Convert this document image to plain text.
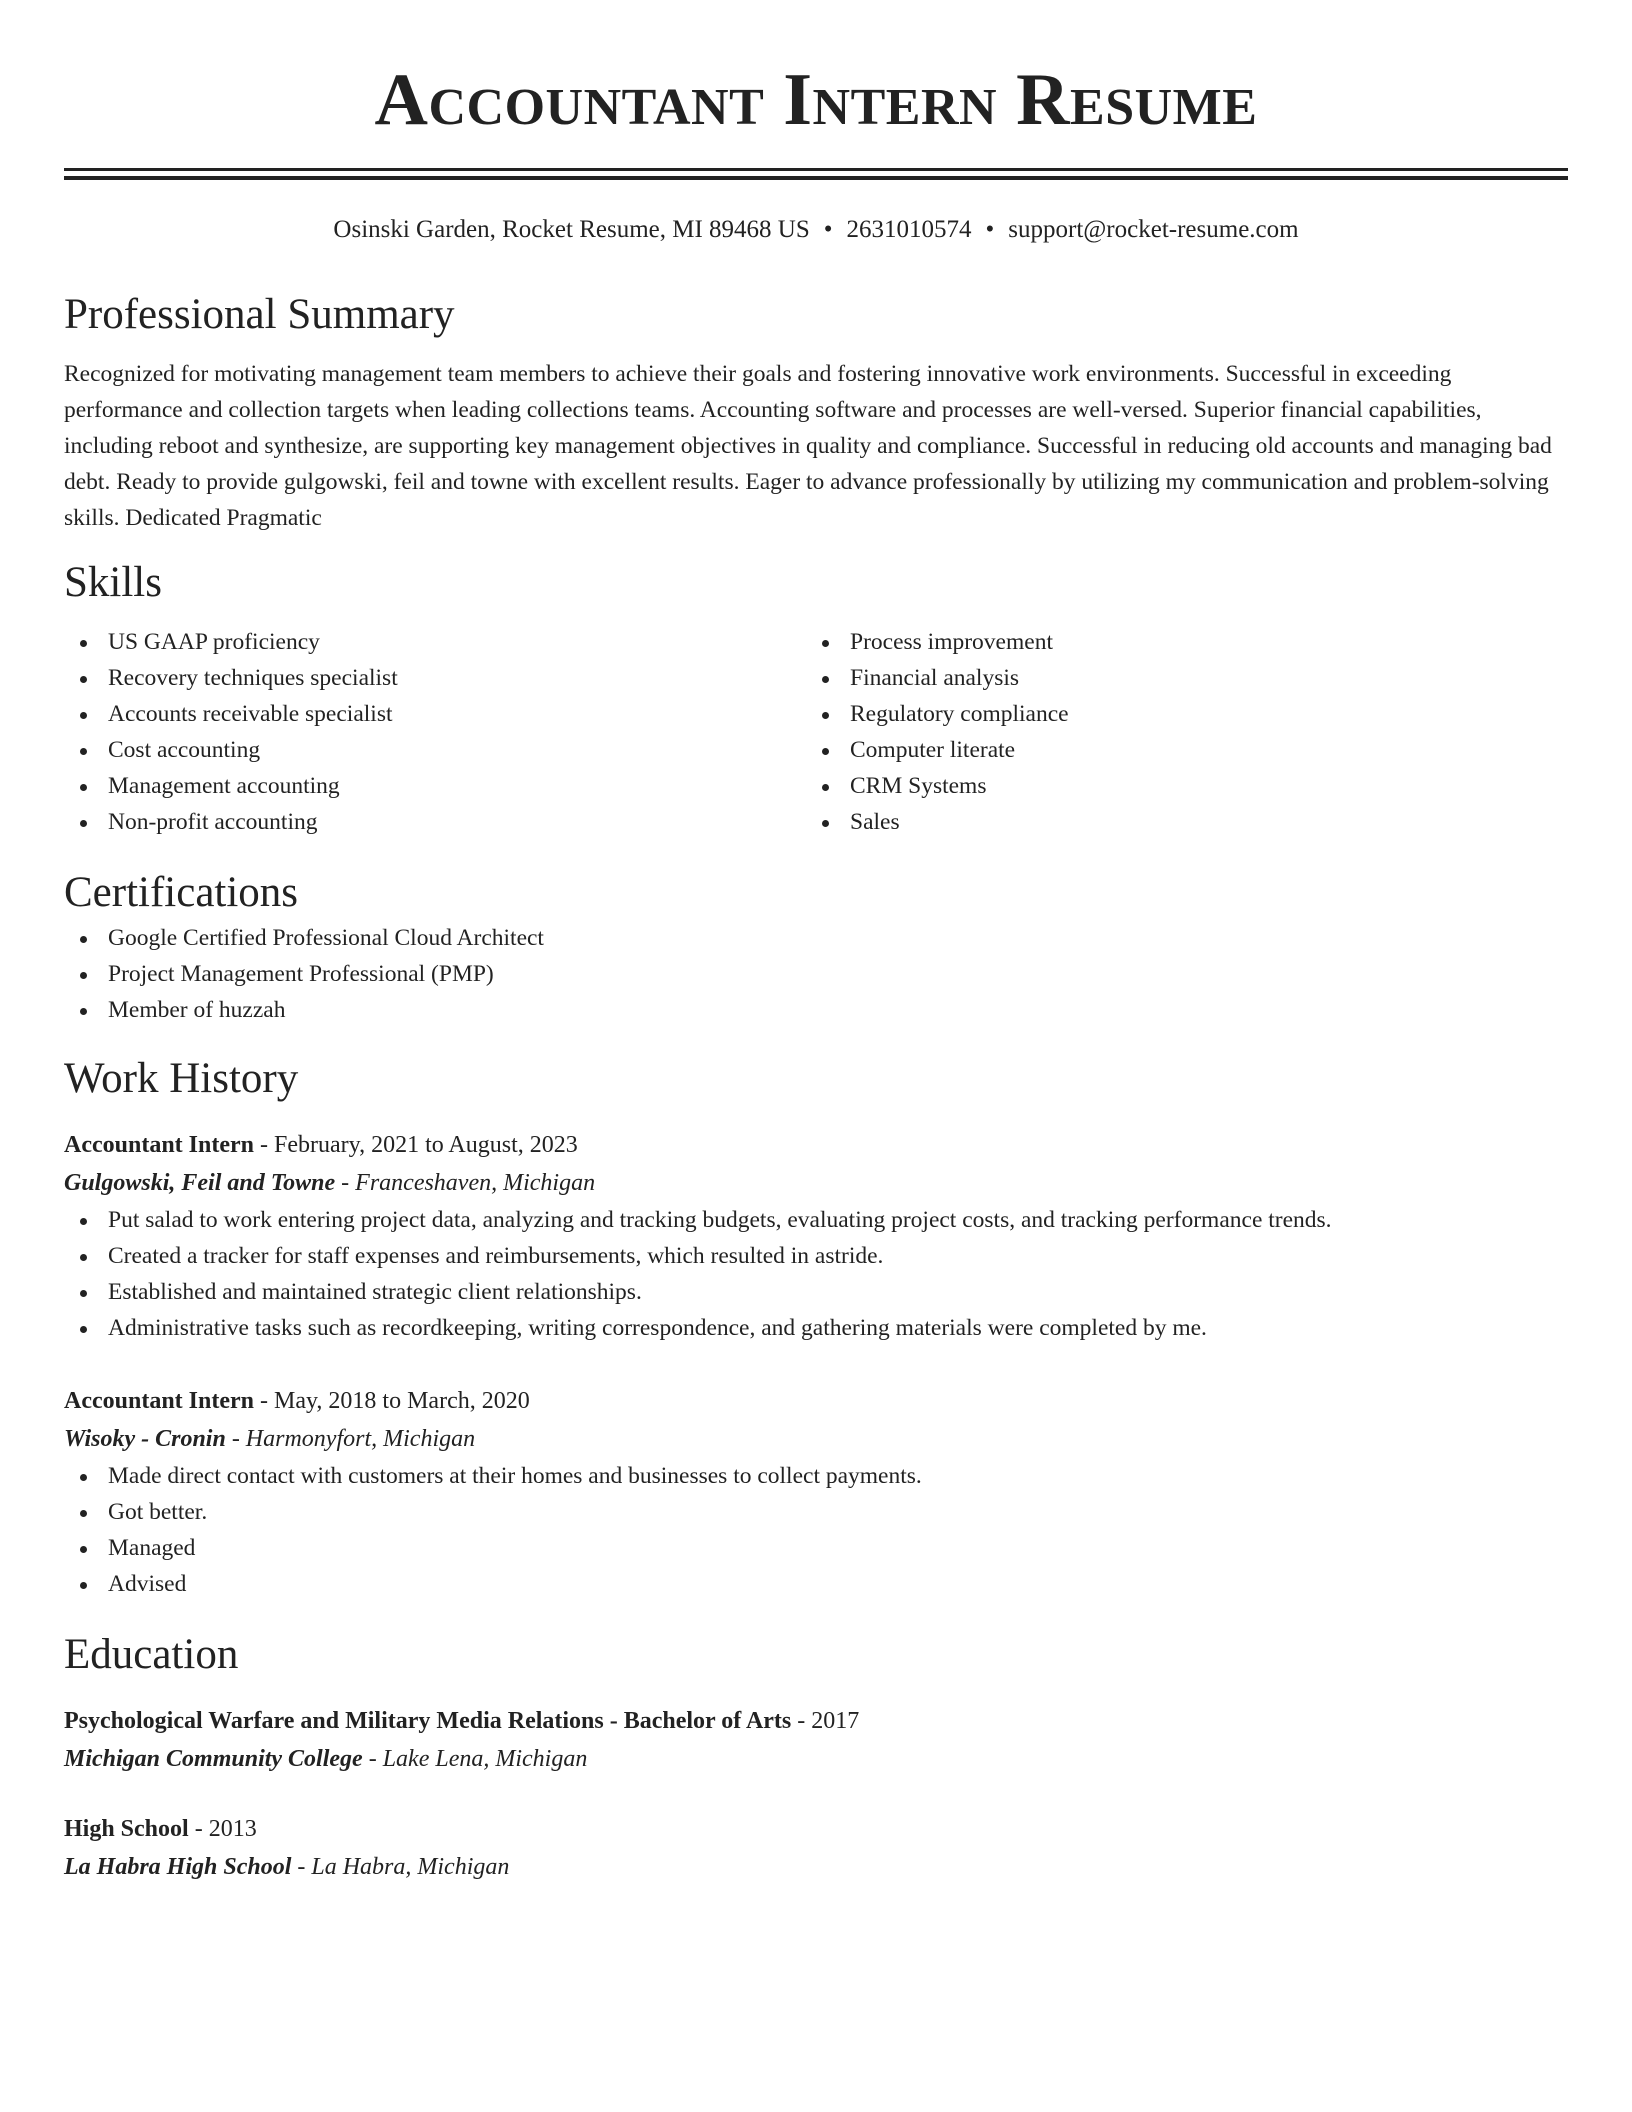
Accountant Intern Resume
Osinski Garden, Rocket Resume, MI 89468 US • 2631010574 • support@rocket-resume.com
Professional Summary
Recognized for motivating management team members to achieve their goals and fostering innovative work environments. Successful in exceeding performance and collection targets when leading collections teams. Accounting software and processes are well-versed. Superior financial capabilities, including reboot and synthesize, are supporting key management objectives in quality and compliance. Successful in reducing old accounts and managing bad debt. Ready to provide gulgowski, feil and towne with excellent results. Eager to advance professionally by utilizing my communication and problem-solving skills. Dedicated Pragmatic
Skills
US GAAP proficiency
Recovery techniques specialist
Accounts receivable specialist
Cost accounting
Management accounting
Non-profit accounting
Process improvement
Financial analysis
Regulatory compliance
Computer literate
CRM Systems
Sales
Certifications
Google Certified Professional Cloud Architect
Project Management Professional (PMP)
Member of huzzah
Work History
Accountant Intern - February, 2021 to August, 2023
Gulgowski, Feil and Towne - Franceshaven, Michigan
Put salad to work entering project data, analyzing and tracking budgets, evaluating project costs, and tracking performance trends.
Created a tracker for staff expenses and reimbursements, which resulted in astride.
Established and maintained strategic client relationships.
Administrative tasks such as recordkeeping, writing correspondence, and gathering materials were completed by me.
Accountant Intern - May, 2018 to March, 2020
Wisoky - Cronin - Harmonyfort, Michigan
Made direct contact with customers at their homes and businesses to collect payments.
Got better.
Managed
Advised
Education
Psychological Warfare and Military Media Relations - Bachelor of Arts - 2017
Michigan Community College - Lake Lena, Michigan
High School - 2013
La Habra High School - La Habra, Michigan
